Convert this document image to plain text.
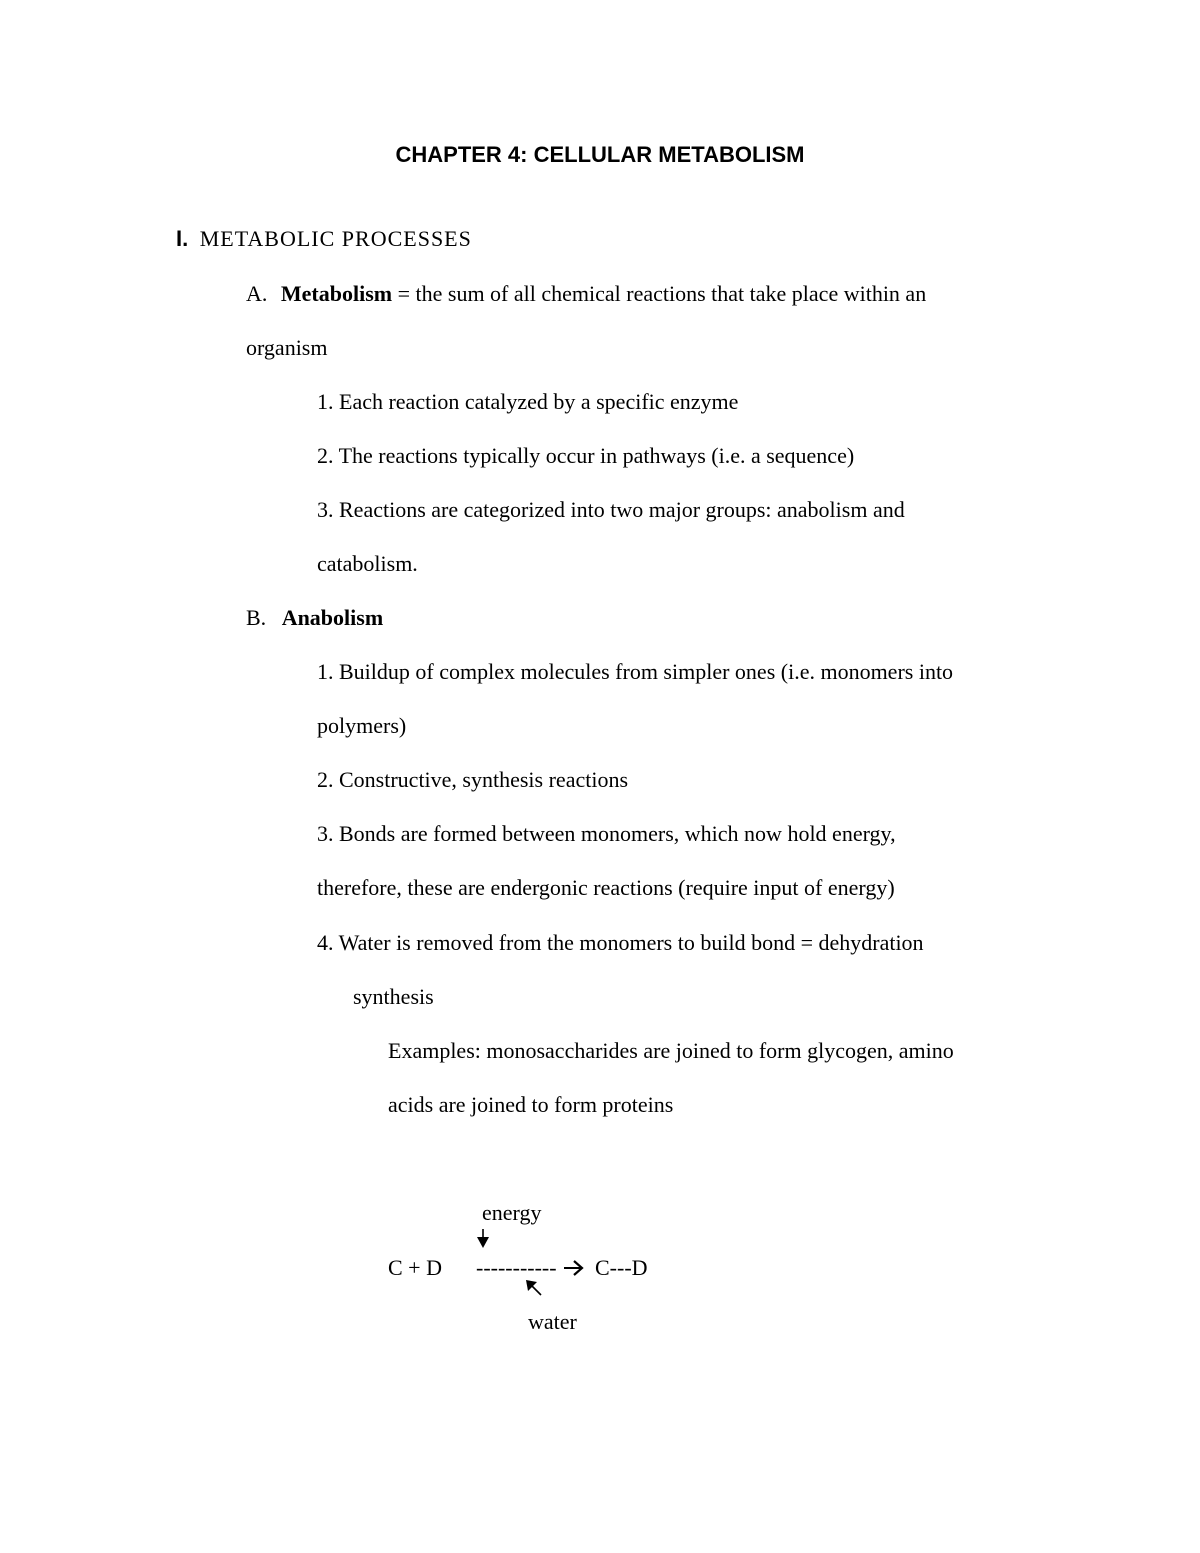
CHAPTER 4: CELLULAR METABOLISM
I. METABOLIC PROCESSES
A. Metabolism = the sum of all chemical reactions that take place within an
organism
1. Each reaction catalyzed by a specific enzyme
2. The reactions typically occur in pathways (i.e. a sequence)
3. Reactions are categorized into two major groups: anabolism and
catabolism.
B. Anabolism
1. Buildup of complex molecules from simpler ones (i.e. monomers into
polymers)
2. Constructive, synthesis reactions
3. Bonds are formed between monomers, which now hold energy,
therefore, these are endergonic reactions (require input of energy)
4. Water is removed from the monomers to build bond = dehydration
synthesis
Examples: monosaccharides are joined to form glycogen, amino
acids are joined to form proteins
energy
C + D ----------- → C---D
water
